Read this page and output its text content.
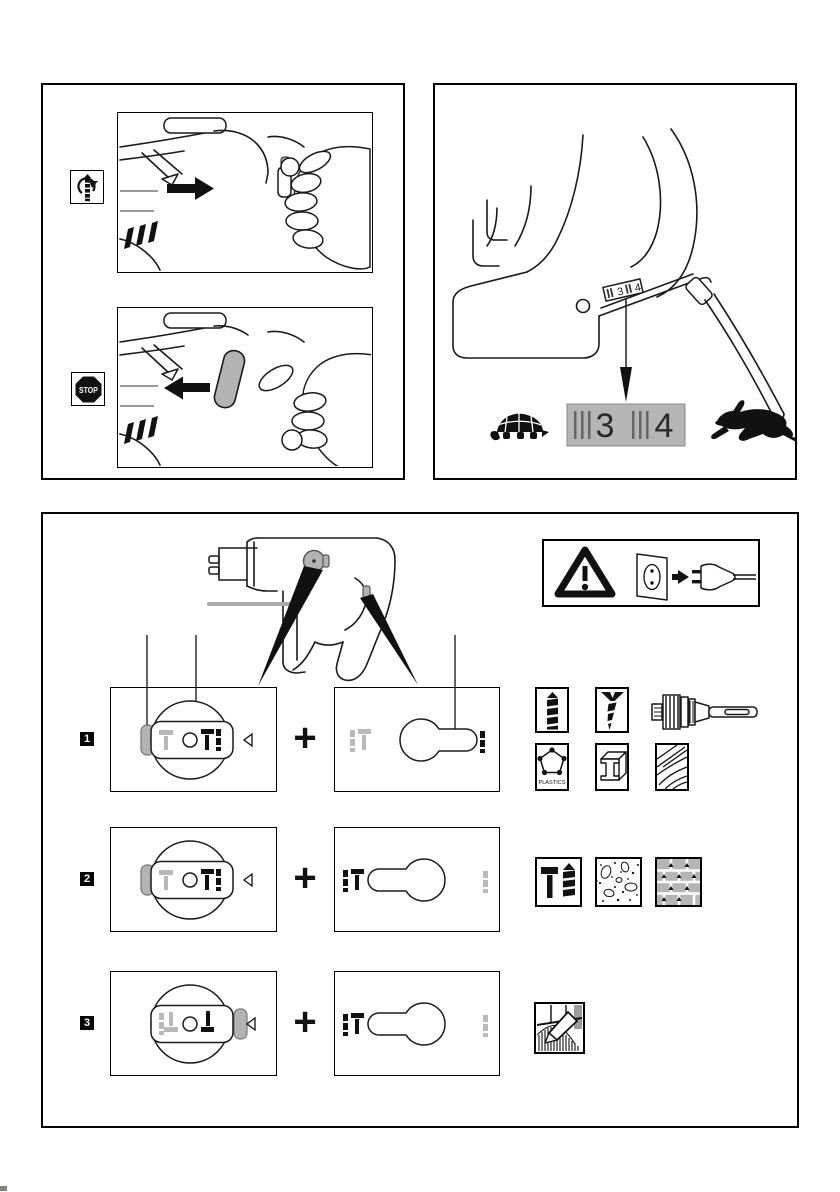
STOP
3 4
3 4
1
2
3
+
+
+
PLASTICS
